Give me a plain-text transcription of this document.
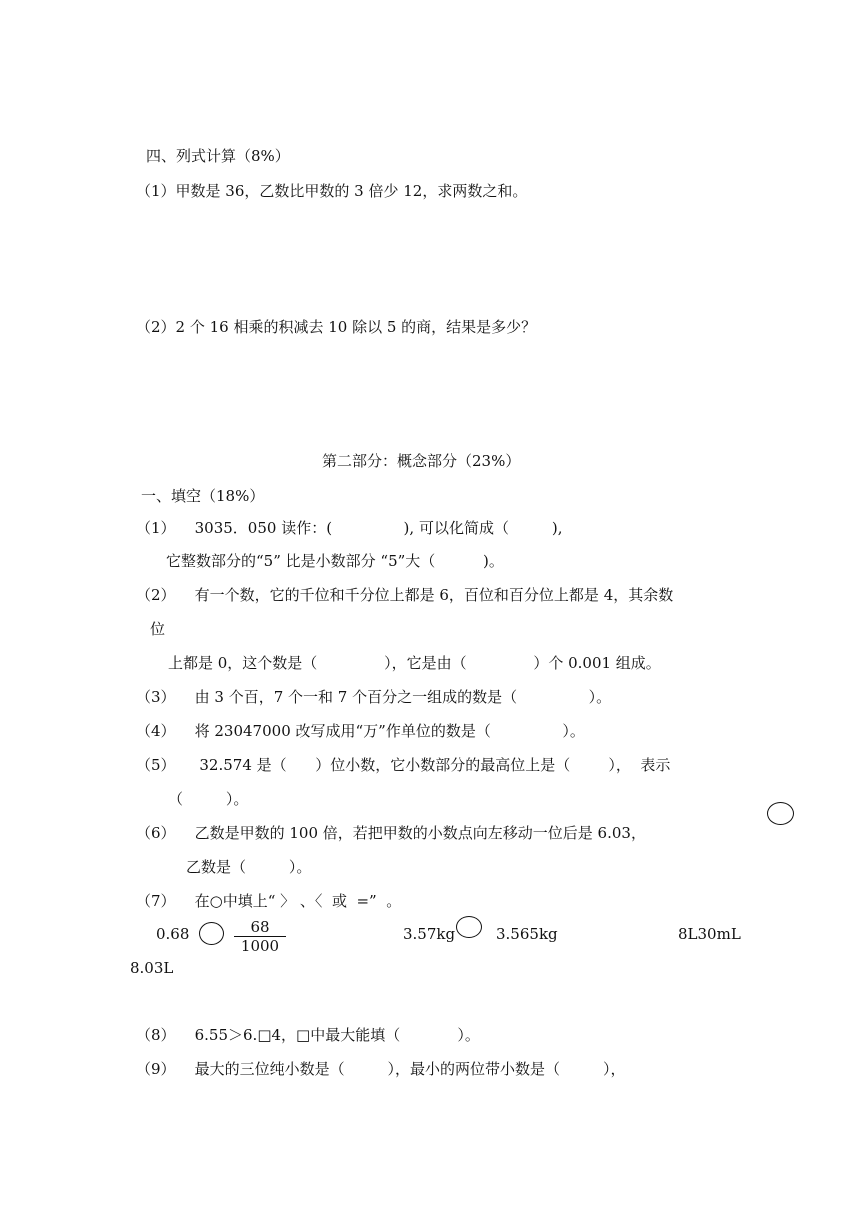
四、列式计算（8%）
（1）甲数是 36，乙数比甲数的 3 倍少 12，求两数之和。
（2）2 个 16 相乘的积减去 10 除以 5 的商，结果是多少？
第二部分：概念部分（23%）
一、填空（18%）
（1）    3035．050 读作：(               ), 可以化简成（         ),
它整数部分的“5” 比是小数部分 “5”大（          )。
（2）    有一个数，它的千位和千分位上都是 6，百位和百分位上都是 4，其余数
位
上都是 0，这个数是（              ），它是由（              ）个 0.001 组成。
（3）    由 3 个百，7 个一和 7 个百分之一组成的数是（               ）。
（4）    将 23047000 改写成用“万”作单位的数是（               ）。
（5）     32.574 是（      ）位小数，它小数部分的最高位上是（        ），  表示
（         ）。
（6）    乙数是甲数的 100 倍，若把甲数的小数点向左移动一位后是 6.03，
乙数是（         ）。
（7）    在○中填上“ 〉 、〈  或  =”  。
0.68	$\frac{68}{1000}$	3.57kg	3.565kg	8L30mL
8.03L
（8）    6.55＞6.□4，□中最大能填（            ）。
（9）    最大的三位纯小数是（         ），最小的两位带小数是（         ），
